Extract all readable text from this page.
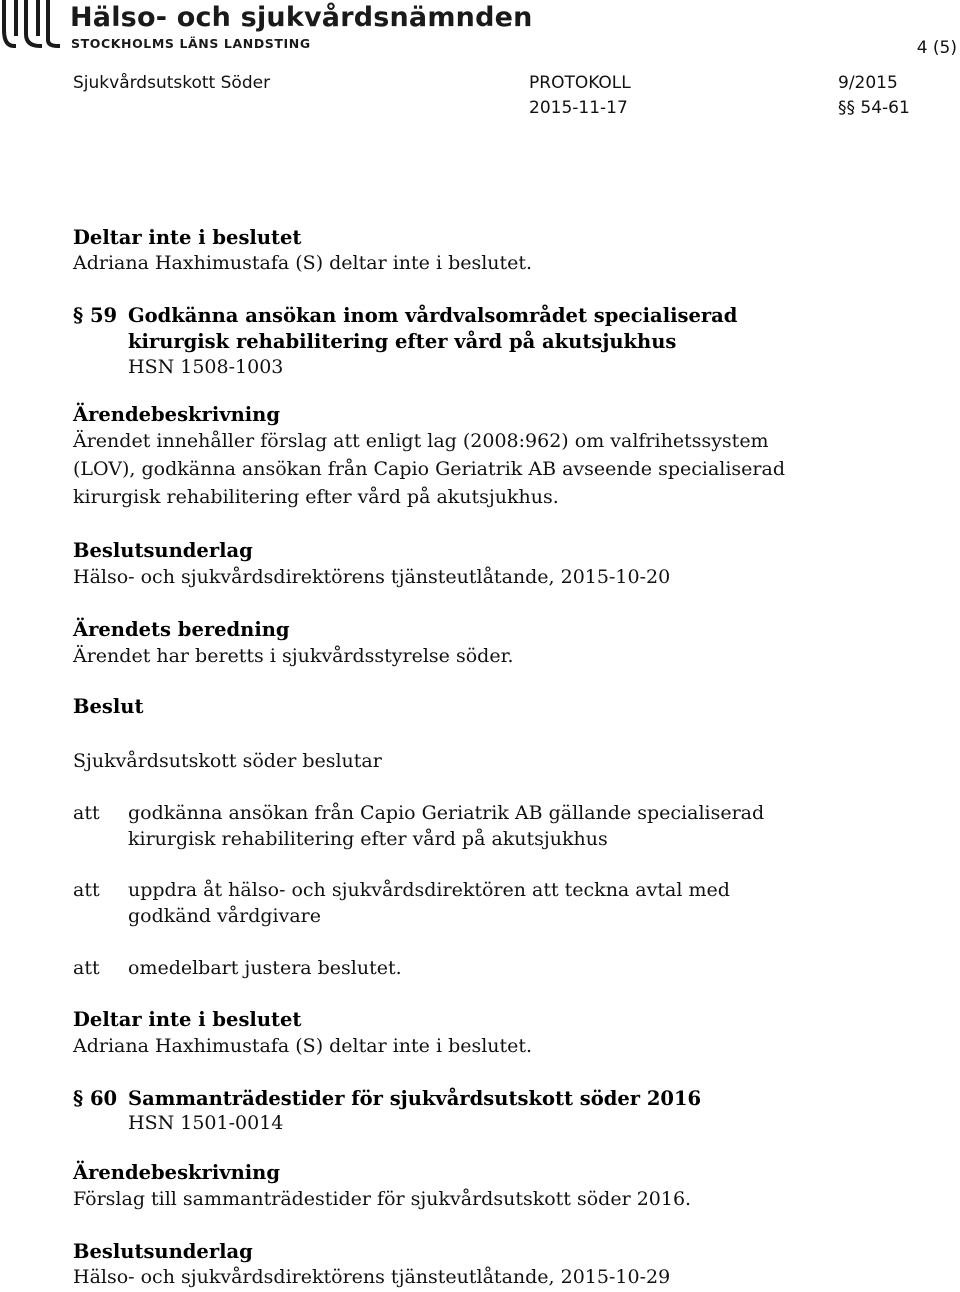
Hälso- och sjukvårdsnämnden
STOCKHOLMS LÄNS LANDSTING	4 (5)
Sjukvårdsutskott Söder	PROTOKOLL	9/2015
2015-11-17	§§ 54-61
Deltar inte i beslutet
Adriana Haxhimustafa (S) deltar inte i beslutet.
§ 59 Godkänna ansökan inom vårdvalsområdet specialiserad
kirurgisk rehabilitering efter vård på akutsjukhus
HSN 1508-1003
Ärendebeskrivning
Ärendet innehåller förslag att enligt lag (2008:962) om valfrihetssystem
(LOV), godkänna ansökan från Capio Geriatrik AB avseende specialiserad
kirurgisk rehabilitering efter vård på akutsjukhus.
Beslutsunderlag
Hälso- och sjukvårdsdirektörens tjänsteutlåtande, 2015-10-20
Ärendets beredning
Ärendet har beretts i sjukvårdsstyrelse söder.
Beslut
Sjukvårdsutskott söder beslutar
att godkänna ansökan från Capio Geriatrik AB gällande specialiserad
kirurgisk rehabilitering efter vård på akutsjukhus
att uppdra åt hälso- och sjukvårdsdirektören att teckna avtal med
godkänd vårdgivare
att omedelbart justera beslutet.
Deltar inte i beslutet
Adriana Haxhimustafa (S) deltar inte i beslutet.
§ 60 Sammanträdestider för sjukvårdsutskott söder 2016
HSN 1501-0014
Ärendebeskrivning
Förslag till sammanträdestider för sjukvårdsutskott söder 2016.
Beslutsunderlag
Hälso- och sjukvårdsdirektörens tjänsteutlåtande, 2015-10-29
